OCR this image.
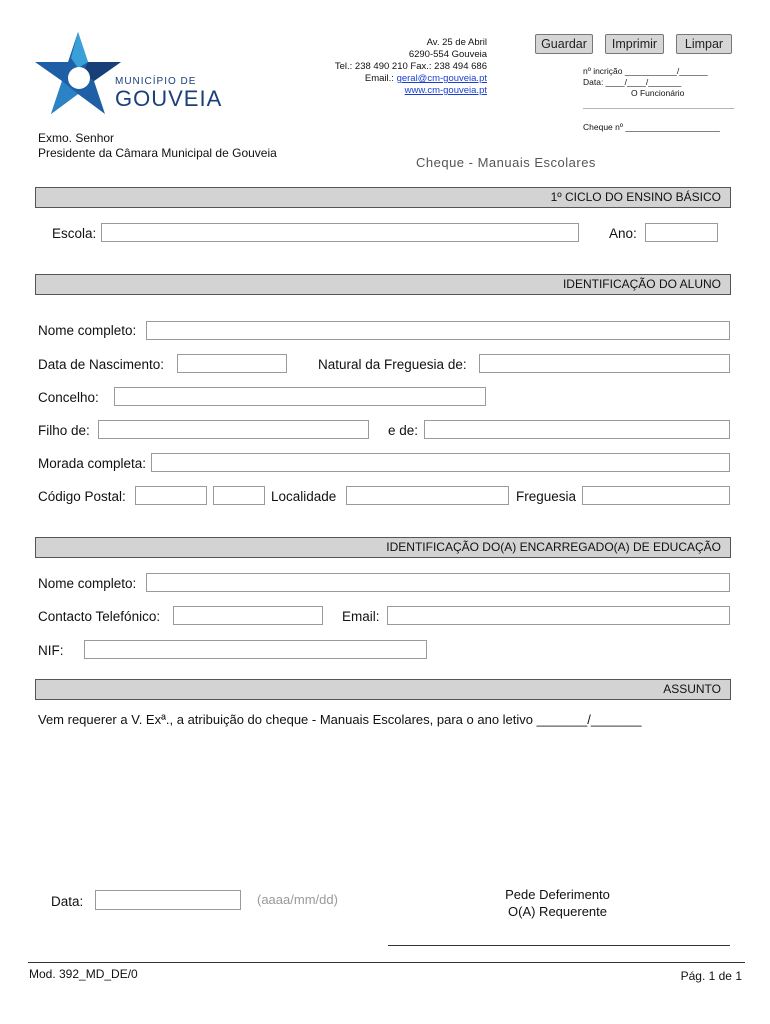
MUNICÍPIO DE
GOUVEIA
Av. 25 de Abril
6290-554 Gouveia
Tel.: 238 490 210 Fax.: 238 494 686
Email.: geral@cm-gouveia.pt
www.cm-gouveia.pt
Guardar	Imprimir	Limpar
nº incrição ___________/______
Data: ____/____/_______
O Funcionário
________________________________
Cheque nº ____________________
Exmo. Senhor
Presidente da Câmara Municipal de Gouveia
Cheque - Manuais Escolares
1º CICLO DO ENSINO BÁSICO
Escola:	Ano:
IDENTIFICAÇÃO DO ALUNO
Nome completo:
Data de Nascimento:	Natural da Freguesia de:
Concelho:
Filho de:	e de:
Morada completa:
Código Postal:	Localidade	Freguesia
IDENTIFICAÇÃO DO(A) ENCARREGADO(A) DE EDUCAÇÃO
Nome completo:
Contacto Telefónico:	Email:
NIF:
ASSUNTO
Vem requerer a V. Exª., a atribuição do cheque - Manuais Escolares, para o ano letivo _______/_______
Data:	(aaaa/mm/dd)	Pede Deferimento
O(A) Requerente
Mod. 392_MD_DE/0	Pág. 1 de 1
